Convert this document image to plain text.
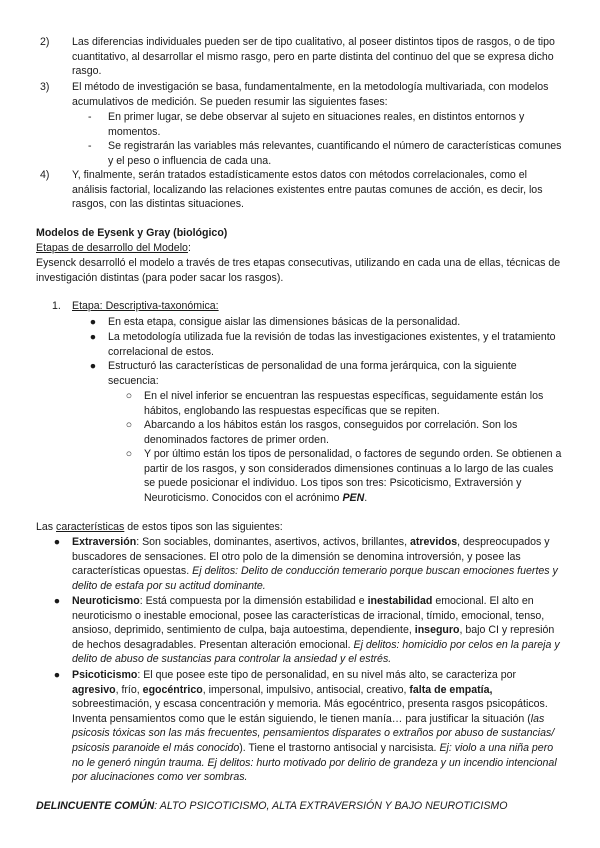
2)	Las diferencias individuales pueden ser de tipo cualitativo, al poseer distintos tipos de rasgos, o de tipo cuantitativo, al desarrollar el mismo rasgo, pero en parte distinta del continuo del que se expresa dicho rasgo.

3)	El método de investigación se basa, fundamentalmente, en la metodología multivariada, con modelos acumulativos de medición. Se pueden resumir las siguientes fases:

-	En primer lugar, se debe observar al sujeto en situaciones reales, en distintos entornos y momentos.

-	Se registrarán las variables más relevantes, cuantificando el número de características comunes y el peso o influencia de cada una.

4)	Y, finalmente, serán tratados estadísticamente estos datos con métodos correlacionales, como el análisis factorial, localizando las relaciones existentes entre pautas comunes de acción, es decir, los rasgos, con las distintas situaciones.

Modelos de Eysenk y Gray (biológico)

Etapas de desarrollo del Modelo:

Eysenck desarrolló el modelo a través de tres etapas consecutivas, utilizando en cada una de ellas, técnicas de investigación distintas (para poder sacar los rasgos).

1. Etapa: Descriptiva-taxonómica:
● En esta etapa, consigue aislar las dimensiones básicas de la personalidad.

● La metodología utilizada fue la revisión de todas las investigaciones existentes, y el tratamiento correlacional de estos.

● Estructuró las características de personalidad de una forma jerárquica, con la siguiente secuencia:

○ En el nivel inferior se encuentran las respuestas específicas, seguidamente están los hábitos, englobando las respuestas específicas que se repiten.

○ Abarcando a los hábitos están los rasgos, conseguidos por correlación. Son los denominados factores de primer orden.

○ Y por último están los tipos de personalidad, o factores de segundo orden. Se obtienen a partir de los rasgos, y son considerados dimensiones continuas a lo largo de las cuales se puede posicionar el individuo. Los tipos son tres: Psicoticismo, Extraversión y Neuroticismo. Conocidos con el acrónimo PEN.

Las características de estos tipos son las siguientes:

● Extraversión: Son sociables, dominantes, asertivos, activos, brillantes, atrevidos, despreocupados y buscadores de sensaciones. El otro polo de la dimensión se denomina introversión, y posee las características opuestas. Ej delitos: Delito de conducción temerario porque buscan emociones fuertes y delito de estafa por su actitud dominante.

● Neuroticismo: Está compuesta por la dimensión estabilidad e inestabilidad emocional. El alto en neuroticismo o inestable emocional, posee las características de irracional, tímido, emocional, tenso, ansioso, deprimido, sentimiento de culpa, baja autoestima, dependiente, inseguro, bajo CI y represión de hechos desagradables. Presentan alteración emocional. Ej delitos: homicidio por celos en la pareja y delito de abuso de sustancias para controlar la ansiedad y el estrés.

● Psicoticismo: El que posee este tipo de personalidad, en su nivel más alto, se caracteriza por agresivo, frío, egocéntrico, impersonal, impulsivo, antisocial, creativo, falta de empatía, sobreestimación, y escasa concentración y memoria. Más egocéntrico, presenta rasgos psicopáticos. Inventa pensamientos como que le están siguiendo, le tienen manía… para justificar la situación (las psicosis tóxicas son las más frecuentes, pensamientos disparates o extraños por abuso de sustancias/ psicosis paranoide el más conocido). Tiene el trastorno antisocial y narcisista. Ej: violo a una niña pero no le generó ningún trauma. Ej delitos: hurto motivado por delirio de grandeza y un incendio intencional por alucinaciones como ver sombras.

DELINCUENTE COMÚN: ALTO PSICOTICISMO, ALTA EXTRAVERSIÓN Y BAJO NEUROTICISMO
